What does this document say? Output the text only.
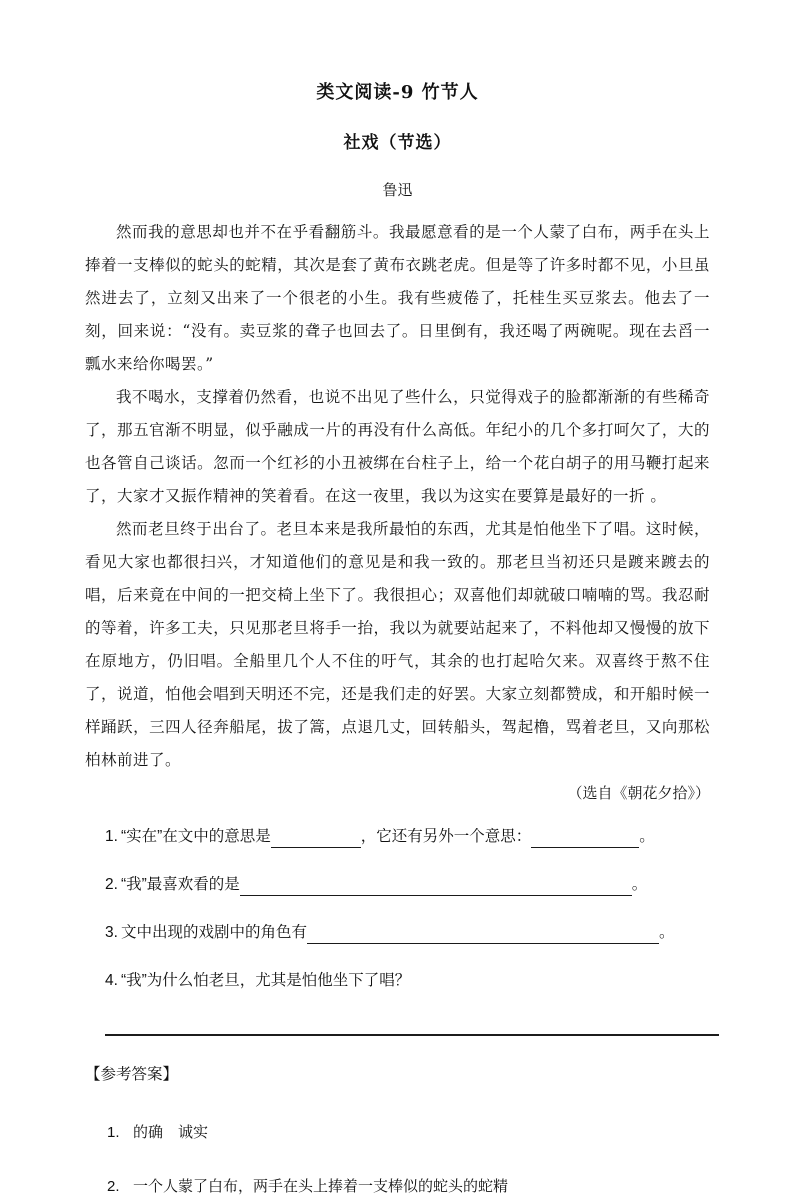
类文阅读-9 竹节人
社戏（节选）
鲁迅

然而我的意思却也并不在乎看翻筋斗。我最愿意看的是一个人蒙了白布，两手在头上捧着一支棒似的蛇头的蛇精，其次是套了黄布衣跳老虎。但是等了许多时都不见，小旦虽然进去了，立刻又出来了一个很老的小生。我有些疲倦了，托桂生买豆浆去。他去了一刻，回来说：“没有。卖豆浆的聋子也回去了。日里倒有，我还喝了两碗呢。现在去舀一瓢水来给你喝罢。”

我不喝水，支撑着仍然看，也说不出见了些什么，只觉得戏子的脸都渐渐的有些稀奇了，那五官渐不明显，似乎融成一片的再没有什么高低。年纪小的几个多打呵欠了，大的也各管自己谈话。忽而一个红衫的小丑被绑在台柱子上，给一个花白胡子的用马鞭打起来了，大家才又振作精神的笑着看。在这一夜里，我以为这实在要算是最好的一折 。

然而老旦终于出台了。老旦本来是我所最怕的东西，尤其是怕他坐下了唱。这时候，看见大家也都很扫兴，才知道他们的意见是和我一致的。那老旦当初还只是踱来踱去的唱，后来竟在中间的一把交椅上坐下了。我很担心；双喜他们却就破口喃喃的骂。我忍耐的等着，许多工夫，只见那老旦将手一抬，我以为就要站起来了，不料他却又慢慢的放下在原地方，仍旧唱。全船里几个人不住的吁气，其余的也打起哈欠来。双喜终于熬不住了，说道，怕他会唱到天明还不完，还是我们走的好罢。大家立刻都赞成，和开船时候一样踊跃，三四人径奔船尾，拔了篙，点退几丈，回转船头，驾起橹，骂着老旦，又向那松柏林前进了。

（选自《朝花夕拾》）
1. “实在”在文中的意思是	，它还有另外一个意思：	。
2. “我”最喜欢看的是	。
3. 文中出现的戏剧中的角色有	。
4. “我”为什么怕老旦，尤其是怕他坐下了唱？
【参考答案】
1. 的确　诚实
2. 一个人蒙了白布，两手在头上捧着一支棒似的蛇头的蛇精
